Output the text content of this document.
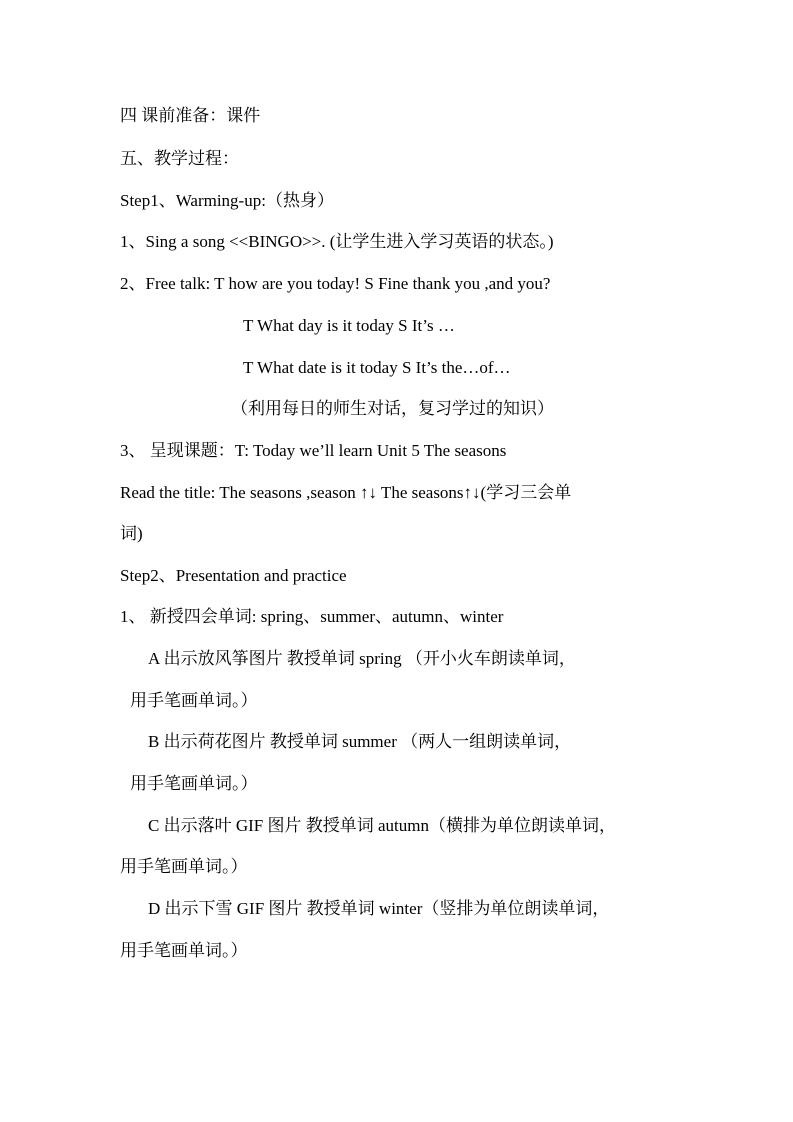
四 课前准备：课件
五、教学过程：
Step1、Warming-up:（热身）
1、Sing a song <<BINGO>>. (让学生进入学习英语的状态。)
2、Free talk: T how are you today! S Fine thank you ,and you?
T What day is it today S It’s …
T What date is it today S It’s the…of…
（利用每日的师生对话，复习学过的知识）
3、 呈现课题：T: Today we’ll learn Unit 5 The seasons
Read the title: The seasons ,season ↑↓ The seasons↑↓(学习三会单
词)
Step2、Presentation and practice
1、 新授四会单词: spring、summer、autumn、winter
A 出示放风筝图片 教授单词 spring （开小火车朗读单词，
用手笔画单词。）
B 出示荷花图片 教授单词 summer （两人一组朗读单词，
用手笔画单词。）
C 出示落叶 GIF 图片 教授单词 autumn（横排为单位朗读单词，
用手笔画单词。）
D 出示下雪 GIF 图片 教授单词 winter（竖排为单位朗读单词，
用手笔画单词。）
